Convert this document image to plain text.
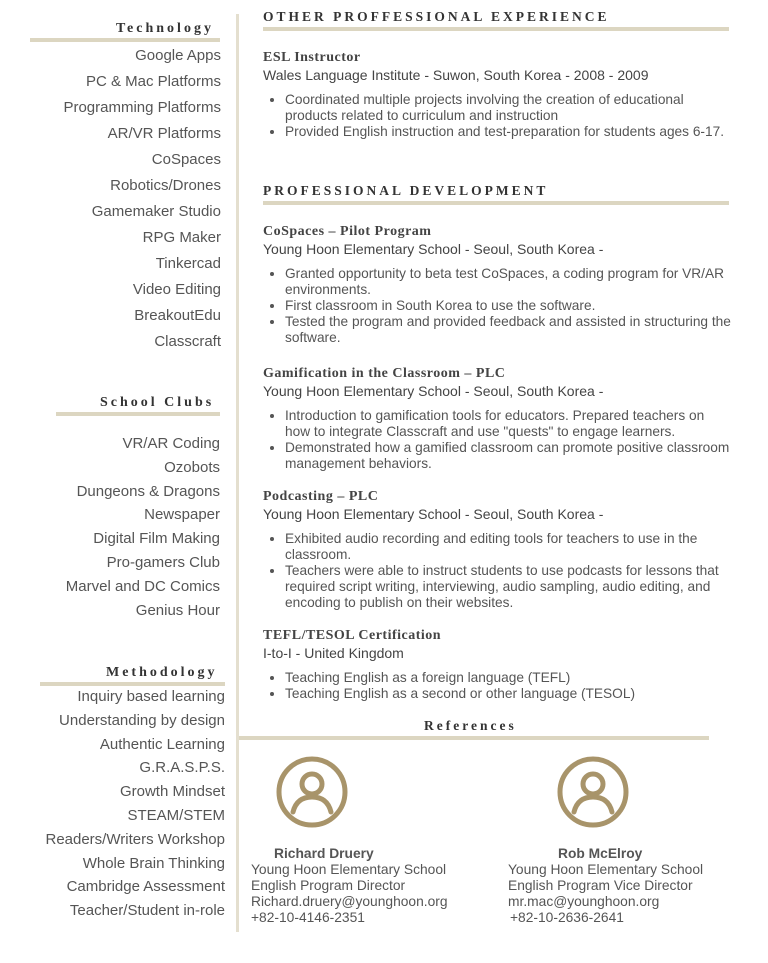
Technology
Google Apps
PC & Mac Platforms
Programming Platforms
AR/VR Platforms
CoSpaces
Robotics/Drones
Gamemaker Studio
RPG Maker
Tinkercad
Video Editing
BreakoutEdu
Classcraft
School Clubs
VR/AR Coding
Ozobots
Dungeons & Dragons
Newspaper
Digital Film Making
Pro-gamers Club
Marvel and DC Comics
Genius Hour
Methodology
Inquiry based learning
Understanding by design
Authentic Learning
G.R.A.S.P.S.
Growth Mindset
STEAM/STEM
Readers/Writers Workshop
Whole Brain Thinking
Cambridge Assessment
Teacher/Student in-role
OTHER PROFFESSIONAL EXPERIENCE
ESL Instructor
Wales Language Institute - Suwon, South Korea - 2008 - 2009
• Coordinated multiple projects involving the creation of educational products related to curriculum and instruction
• Provided English instruction and test-preparation for students ages 6-17.
PROFESSIONAL DEVELOPMENT
CoSpaces – Pilot Program
Young Hoon Elementary School - Seoul, South Korea -
• Granted opportunity to beta test CoSpaces, a coding program for VR/AR environments.
• First classroom in South Korea to use the software.
• Tested the program and provided feedback and assisted in structuring the software.
Gamification in the Classroom – PLC
Young Hoon Elementary School - Seoul, South Korea -
• Introduction to gamification tools for educators. Prepared teachers on how to integrate Classcraft and use "quests" to engage learners.
• Demonstrated how a gamified classroom can promote positive classroom management behaviors.
Podcasting – PLC
Young Hoon Elementary School - Seoul, South Korea -
• Exhibited audio recording and editing tools for teachers to use in the classroom.
• Teachers were able to instruct students to use podcasts for lessons that required script writing, interviewing, audio sampling, audio editing, and encoding to publish on their websites.
TEFL/TESOL Certification
I-to-I - United Kingdom
• Teaching English as a foreign language (TEFL)
• Teaching English as a second or other language (TESOL)
References
Richard Druery
Young Hoon Elementary School
English Program Director
Richard.druery@younghoon.org
+82-10-4146-2351
Rob McElroy
Young Hoon Elementary School
English Program Vice Director
mr.mac@younghoon.org
+82-10-2636-2641
